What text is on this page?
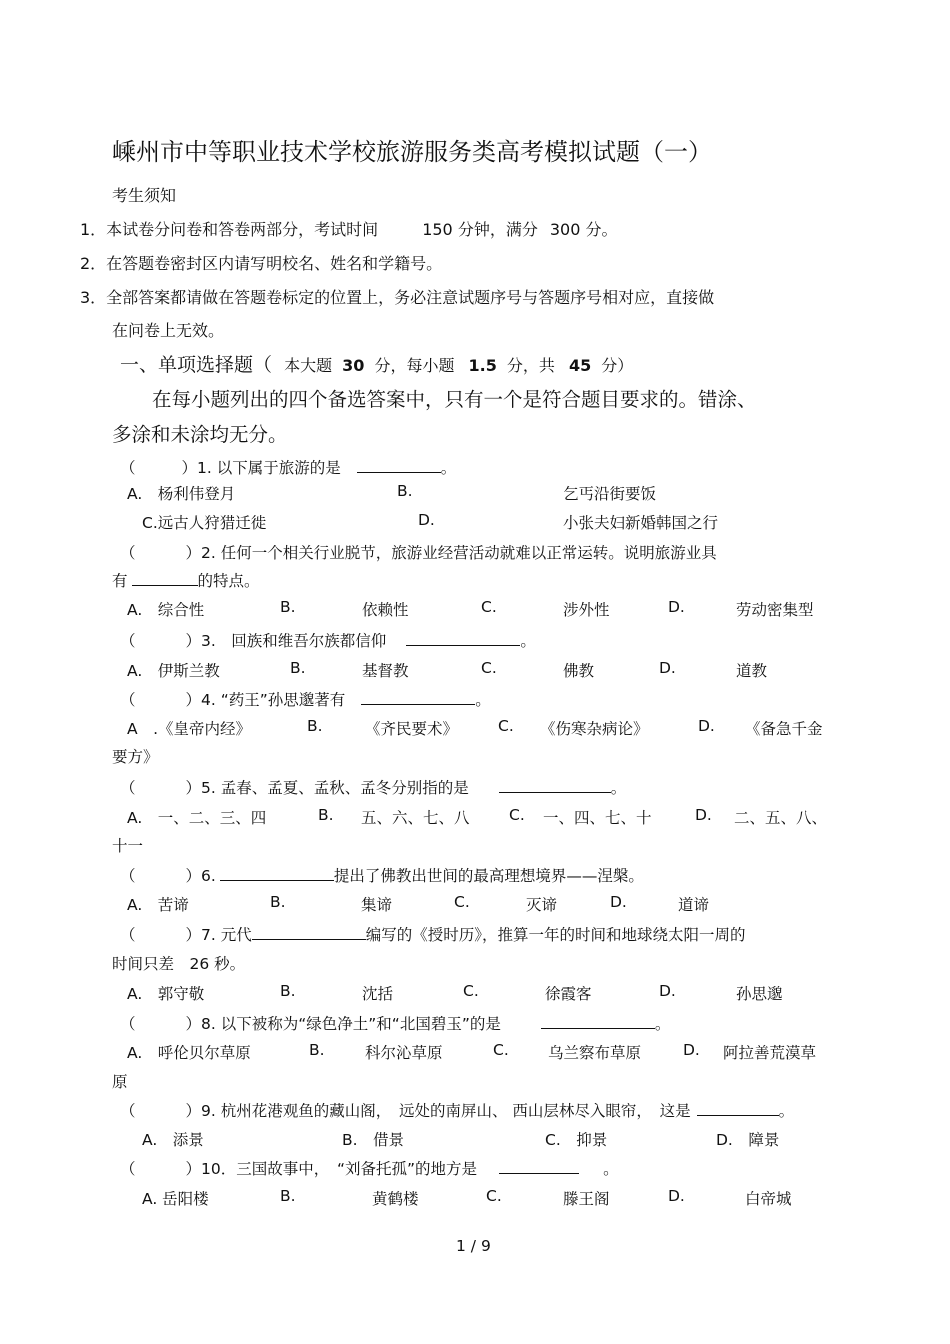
嵊州市中等职业技术学校旅游服务类高考模拟试题（一）
考生须知
1．本试卷分问卷和答卷两部分，考试时间	150 分钟，满分 300 分。
2．在答题卷密封区内请写明校名、姓名和学籍号。
3．全部答案都请做在答题卷标定的位置上，务必注意试题序号与答题序号相对应，直接做
在问卷上无效。
一、单项选择题（ 本大题 30 分，每小题 1.5 分，共 45 分）
在每小题列出的四个备选答案中，只有一个是符合题目要求的。错涂、
多涂和未涂均无分。
（	）1. 以下属于旅游的是	。
A.　杨利伟登月	B.	乞丐沿街要饭
C.远古人狩猎迁徙	D.	小张夫妇新婚韩国之行
（	）2. 任何一个相关行业脱节，旅游业经营活动就难以正常运转。说明旅游业具
有	的特点。
A.　综合性	B.	依赖性	C.	涉外性	D.	劳动密集型
（	）3.　回族和维吾尔族都信仰	。
A.　伊斯兰教	B.	基督教	C.	佛教	D.	道教
（	）4. “药王”孙思邈著有	。
A　.《皇帝内经》	B.	《齐民要术》	C. 《伤寒杂病论》	D. 《备急千金
要方》
（	）5. 孟春、孟夏、孟秋、孟冬分别指的是	。
A.　一、二、三、四	B. 五、六、七、八	C. 一、四、七、十	D. 二、五、八、
十一
（	）6.	提出了佛教出世间的最高理想境界——涅槃。
A.　苦谛	B.	集谛	C.	灭谛	D.	道谛
（	）7. 元代	编写的《授时历》，推算一年的时间和地球绕太阳一周的
时间只差　26 秒。
A.　郭守敬	B.	沈括	C.	徐霞客	D.	孙思邈
（	）8. 以下被称为“绿色净土”和“北国碧玉”的是	。
A.　呼伦贝尔草原	B.	科尔沁草原	C.	乌兰察布草原	D. 阿拉善荒漠草
原
（	）9. 杭州花港观鱼的藏山阁，　远处的南屏山、 西山层林尽入眼帘，　这是	。
A.　添景	B.　借景	C.　抑景	D.　障景
（	）10．三国故事中，　“刘备托孤”的地方是	。
A. 岳阳楼	B.	黄鹤楼	C.	滕王阁	D.	白帝城
1 / 9
